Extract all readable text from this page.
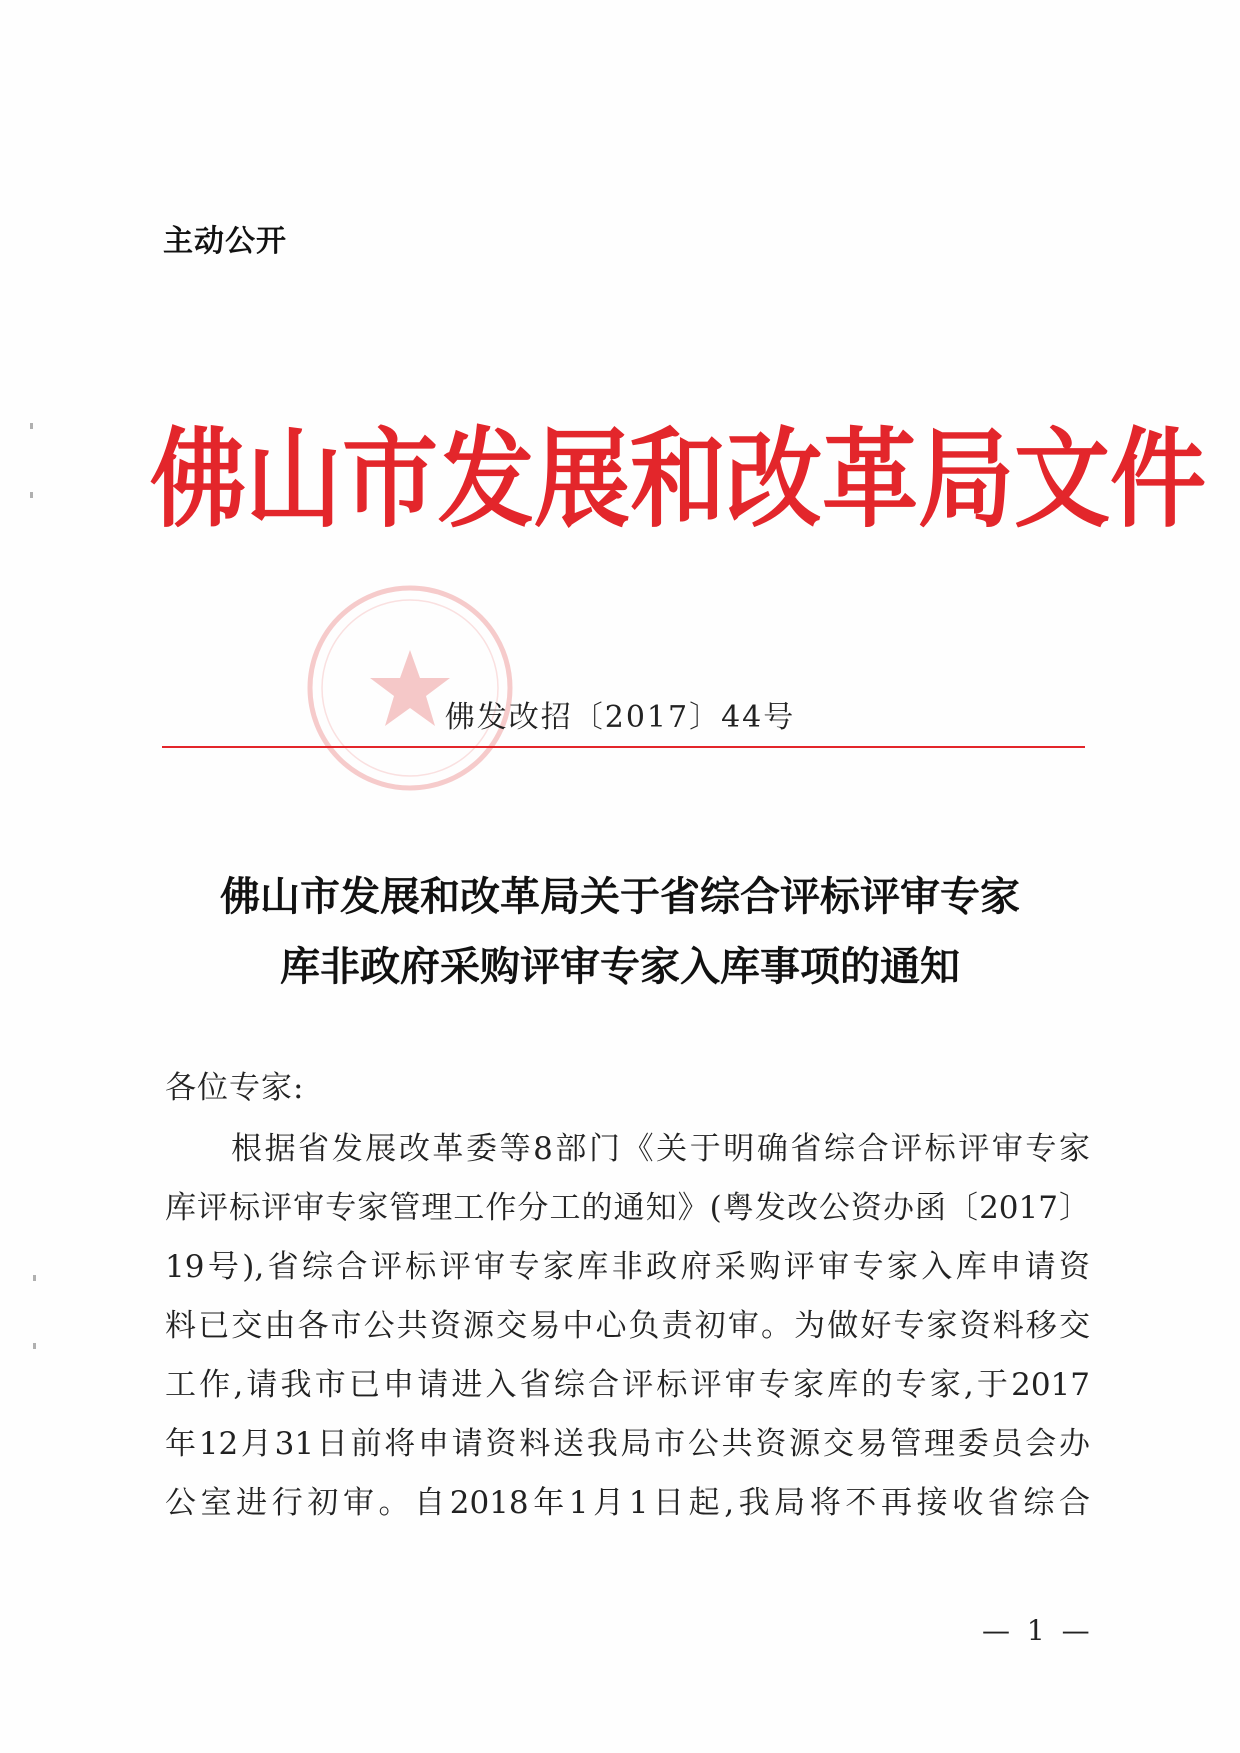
主动公开
佛山市发展和改革局文件
佛发改招〔2017〕44号
佛山市发展和改革局关于省综合评标评审专家
库非政府采购评审专家入库事项的通知
各位专家:
根据省发展改革委等8部门《关于明确省综合评标评审专家
库评标评审专家管理工作分工的通知》(粤发改公资办函〔2017〕
19号),省综合评标评审专家库非政府采购评审专家入库申请资
料已交由各市公共资源交易中心负责初审。为做好专家资料移交
工作,请我市已申请进入省综合评标评审专家库的专家,于2017
年12月31日前将申请资料送我局市公共资源交易管理委员会办
公室进行初审。自2018年1月1日起,我局将不再接收省综合
— 1 —
